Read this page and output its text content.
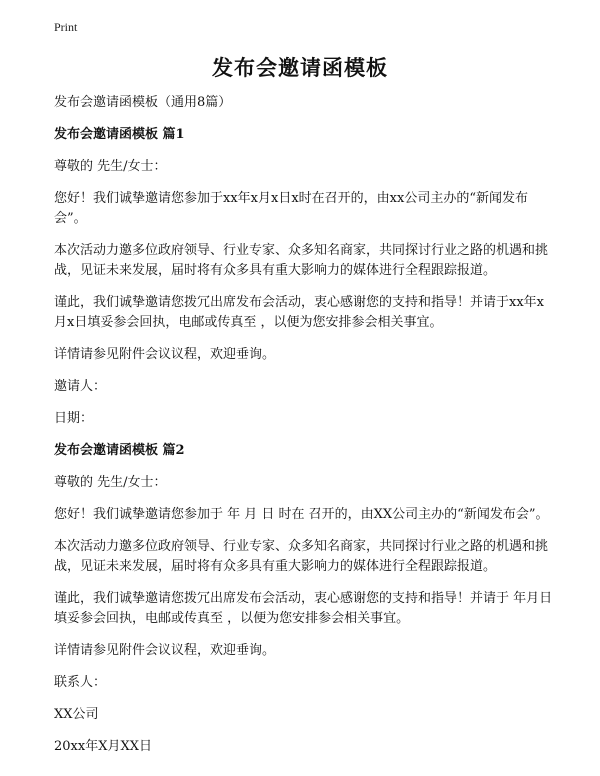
Print
发布会邀请函模板

发布会邀请函模板（通用8篇）

发布会邀请函模板 篇1

尊敬的 先生/女士：

您好！我们诚挚邀请您参加于xx年x月x日x时在召开的，由xx公司主办的“新闻发布会”。

本次活动力邀多位政府领导、行业专家、众多知名商家，共同探讨行业之路的机遇和挑战，见证未来发展，届时将有众多具有重大影响力的媒体进行全程跟踪报道。

谨此，我们诚挚邀请您拨冗出席发布会活动，衷心感谢您的支持和指导！并请于xx年x月x日填妥参会回执，电邮或传真至 ，以便为您安排参会相关事宜。

详情请参见附件会议议程，欢迎垂询。

邀请人：

日期：

发布会邀请函模板 篇2

尊敬的 先生/女士：

您好！我们诚挚邀请您参加于 年 月 日 时在 召开的，由XX公司主办的“新闻发布会”。

本次活动力邀多位政府领导、行业专家、众多知名商家，共同探讨行业之路的机遇和挑战，见证未来发展，届时将有众多具有重大影响力的媒体进行全程跟踪报道。

谨此，我们诚挚邀请您拨冗出席发布会活动，衷心感谢您的支持和指导！并请于 年月日填妥参会回执，电邮或传真至 ，以便为您安排参会相关事宜。

详情请参见附件会议议程，欢迎垂询。

联系人：

XX公司

20xx年X月XX日
